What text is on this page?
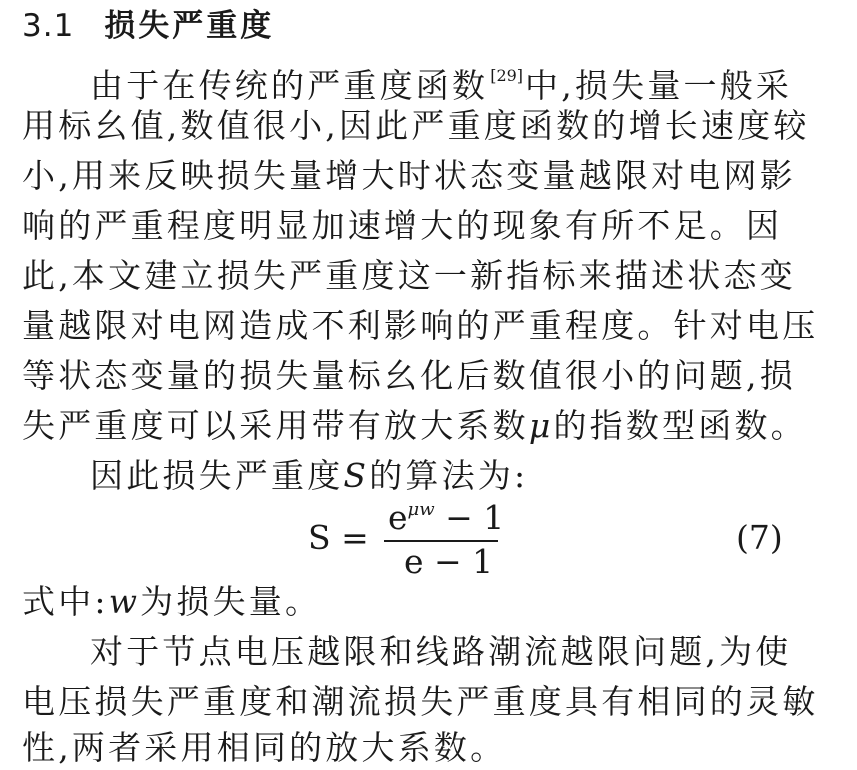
3.1 损失严重度
由于在传统的严重度函数 [29]中,损失量一般采
用标幺值,数值很小,因此严重度函数的增长速度较
小,用来反映损失量增大时状态变量越限对电网影
响的严重程度明显加速增大的现象有所不足。因
此,本文建立损失严重度这一新指标来描述状态变
量越限对电网造成不利影响的严重程度。针对电压
等状态变量的损失量标幺化后数值很小的问题,损
失严重度可以采用带有放大系数μ的指数型函数。
因此损失严重度S的算法为:
S =
$e^{\mu w} - 1$
e − 1
(7)
式中:w为损失量。
对于节点电压越限和线路潮流越限问题,为使
电压损失严重度和潮流损失严重度具有相同的灵敏
性,两者采用相同的放大系数。
